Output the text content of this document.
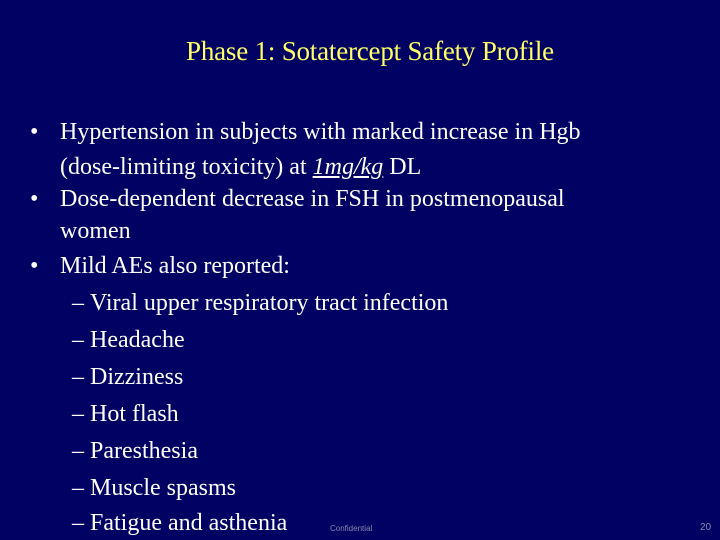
Phase 1: Sotatercept Safety Profile
• Hypertension in subjects with marked increase in Hgb
(dose-limiting toxicity) at 1mg/kg DL
• Dose-dependent decrease in FSH in postmenopausal
women
• Mild AEs also reported:
– Viral upper respiratory tract infection
– Headache
– Dizziness
– Hot flash
– Paresthesia
– Muscle spasms
– Fatigue and asthenia	Confidential	20
